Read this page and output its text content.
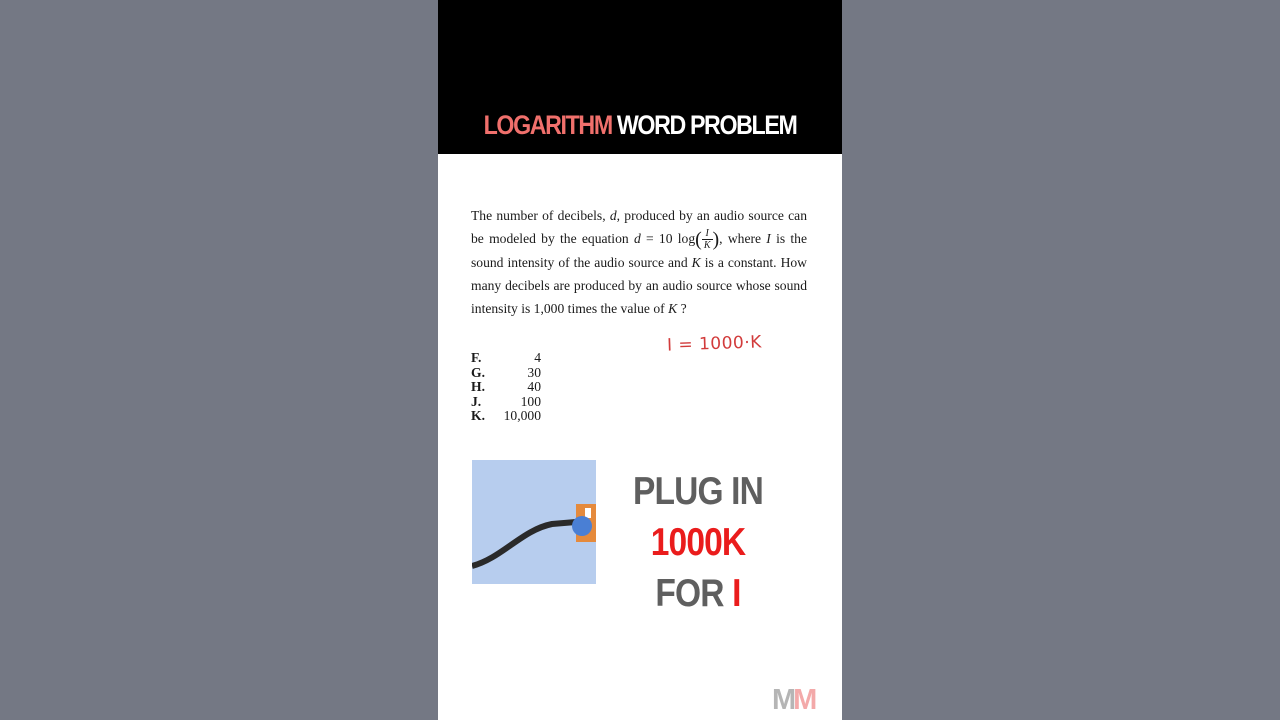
LOGARITHM WORD PROBLEM

The number of decibels, d, produced by an audio source can be modeled by the equation d = 10 $\log( \frac{I}{K}$ ), where I is the sound intensity of the audio source and K is a constant. How many decibels are produced by an audio source whose sound intensity is 1,000 times the value of K ?

F.	4
G.	30
H.	40
J.	100
K.	10,000
I = 1000·K
PLUG IN 1000K
FOR I
MM
